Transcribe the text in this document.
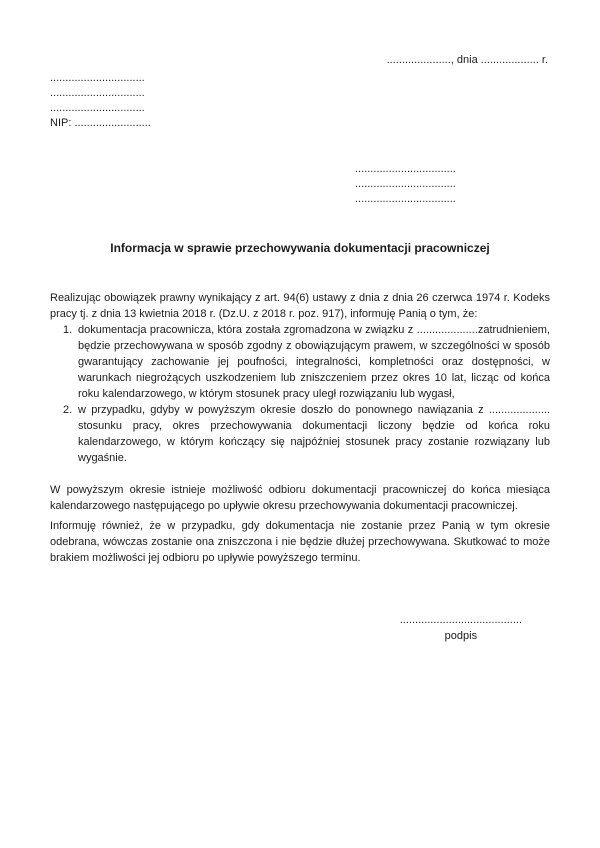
....................., dnia ................... r.
...............................
...............................
...............................
NIP: .........................
.................................
.................................
.................................
Informacja w sprawie przechowywania dokumentacji pracowniczej
Realizując obowiązek prawny wynikający z art. 94(6) ustawy z dnia z dnia 26 czerwca 1974 r. Kodeks pracy tj. z dnia 13 kwietnia 2018 r. (Dz.U. z 2018 r. poz. 917), informuję Panią o tym, że:
1. dokumentacja pracownicza, która została zgromadzona w związku z ....................zatrudnieniem, będzie przechowywana w sposób zgodny z obowiązującym prawem, w szczególności w sposób gwarantujący zachowanie jej poufności, integralności, kompletności oraz dostępności, w warunkach niegrożących uszkodzeniem lub zniszczeniem przez okres 10 lat, licząc od końca roku kalendarzowego, w którym stosunek pracy uległ rozwiązaniu lub wygasł,
2. w przypadku, gdyby w powyższym okresie doszło do ponownego nawiązania z .................... stosunku pracy, okres przechowywania dokumentacji liczony będzie od końca roku kalendarzowego, w którym kończący się najpóźniej stosunek pracy zostanie rozwiązany lub wygaśnie.
W powyższym okresie istnieje możliwość odbioru dokumentacji pracowniczej do końca miesiąca kalendarzowego następującego po upływie okresu przechowywania dokumentacji pracowniczej.
Informuję również, że w przypadku, gdy dokumentacja nie zostanie przez Panią w tym okresie odebrana, wówczas zostanie ona zniszczona i nie będzie dłużej przechowywana. Skutkować to może brakiem możliwości jej odbioru po upływie powyższego terminu.
........................................
podpis
